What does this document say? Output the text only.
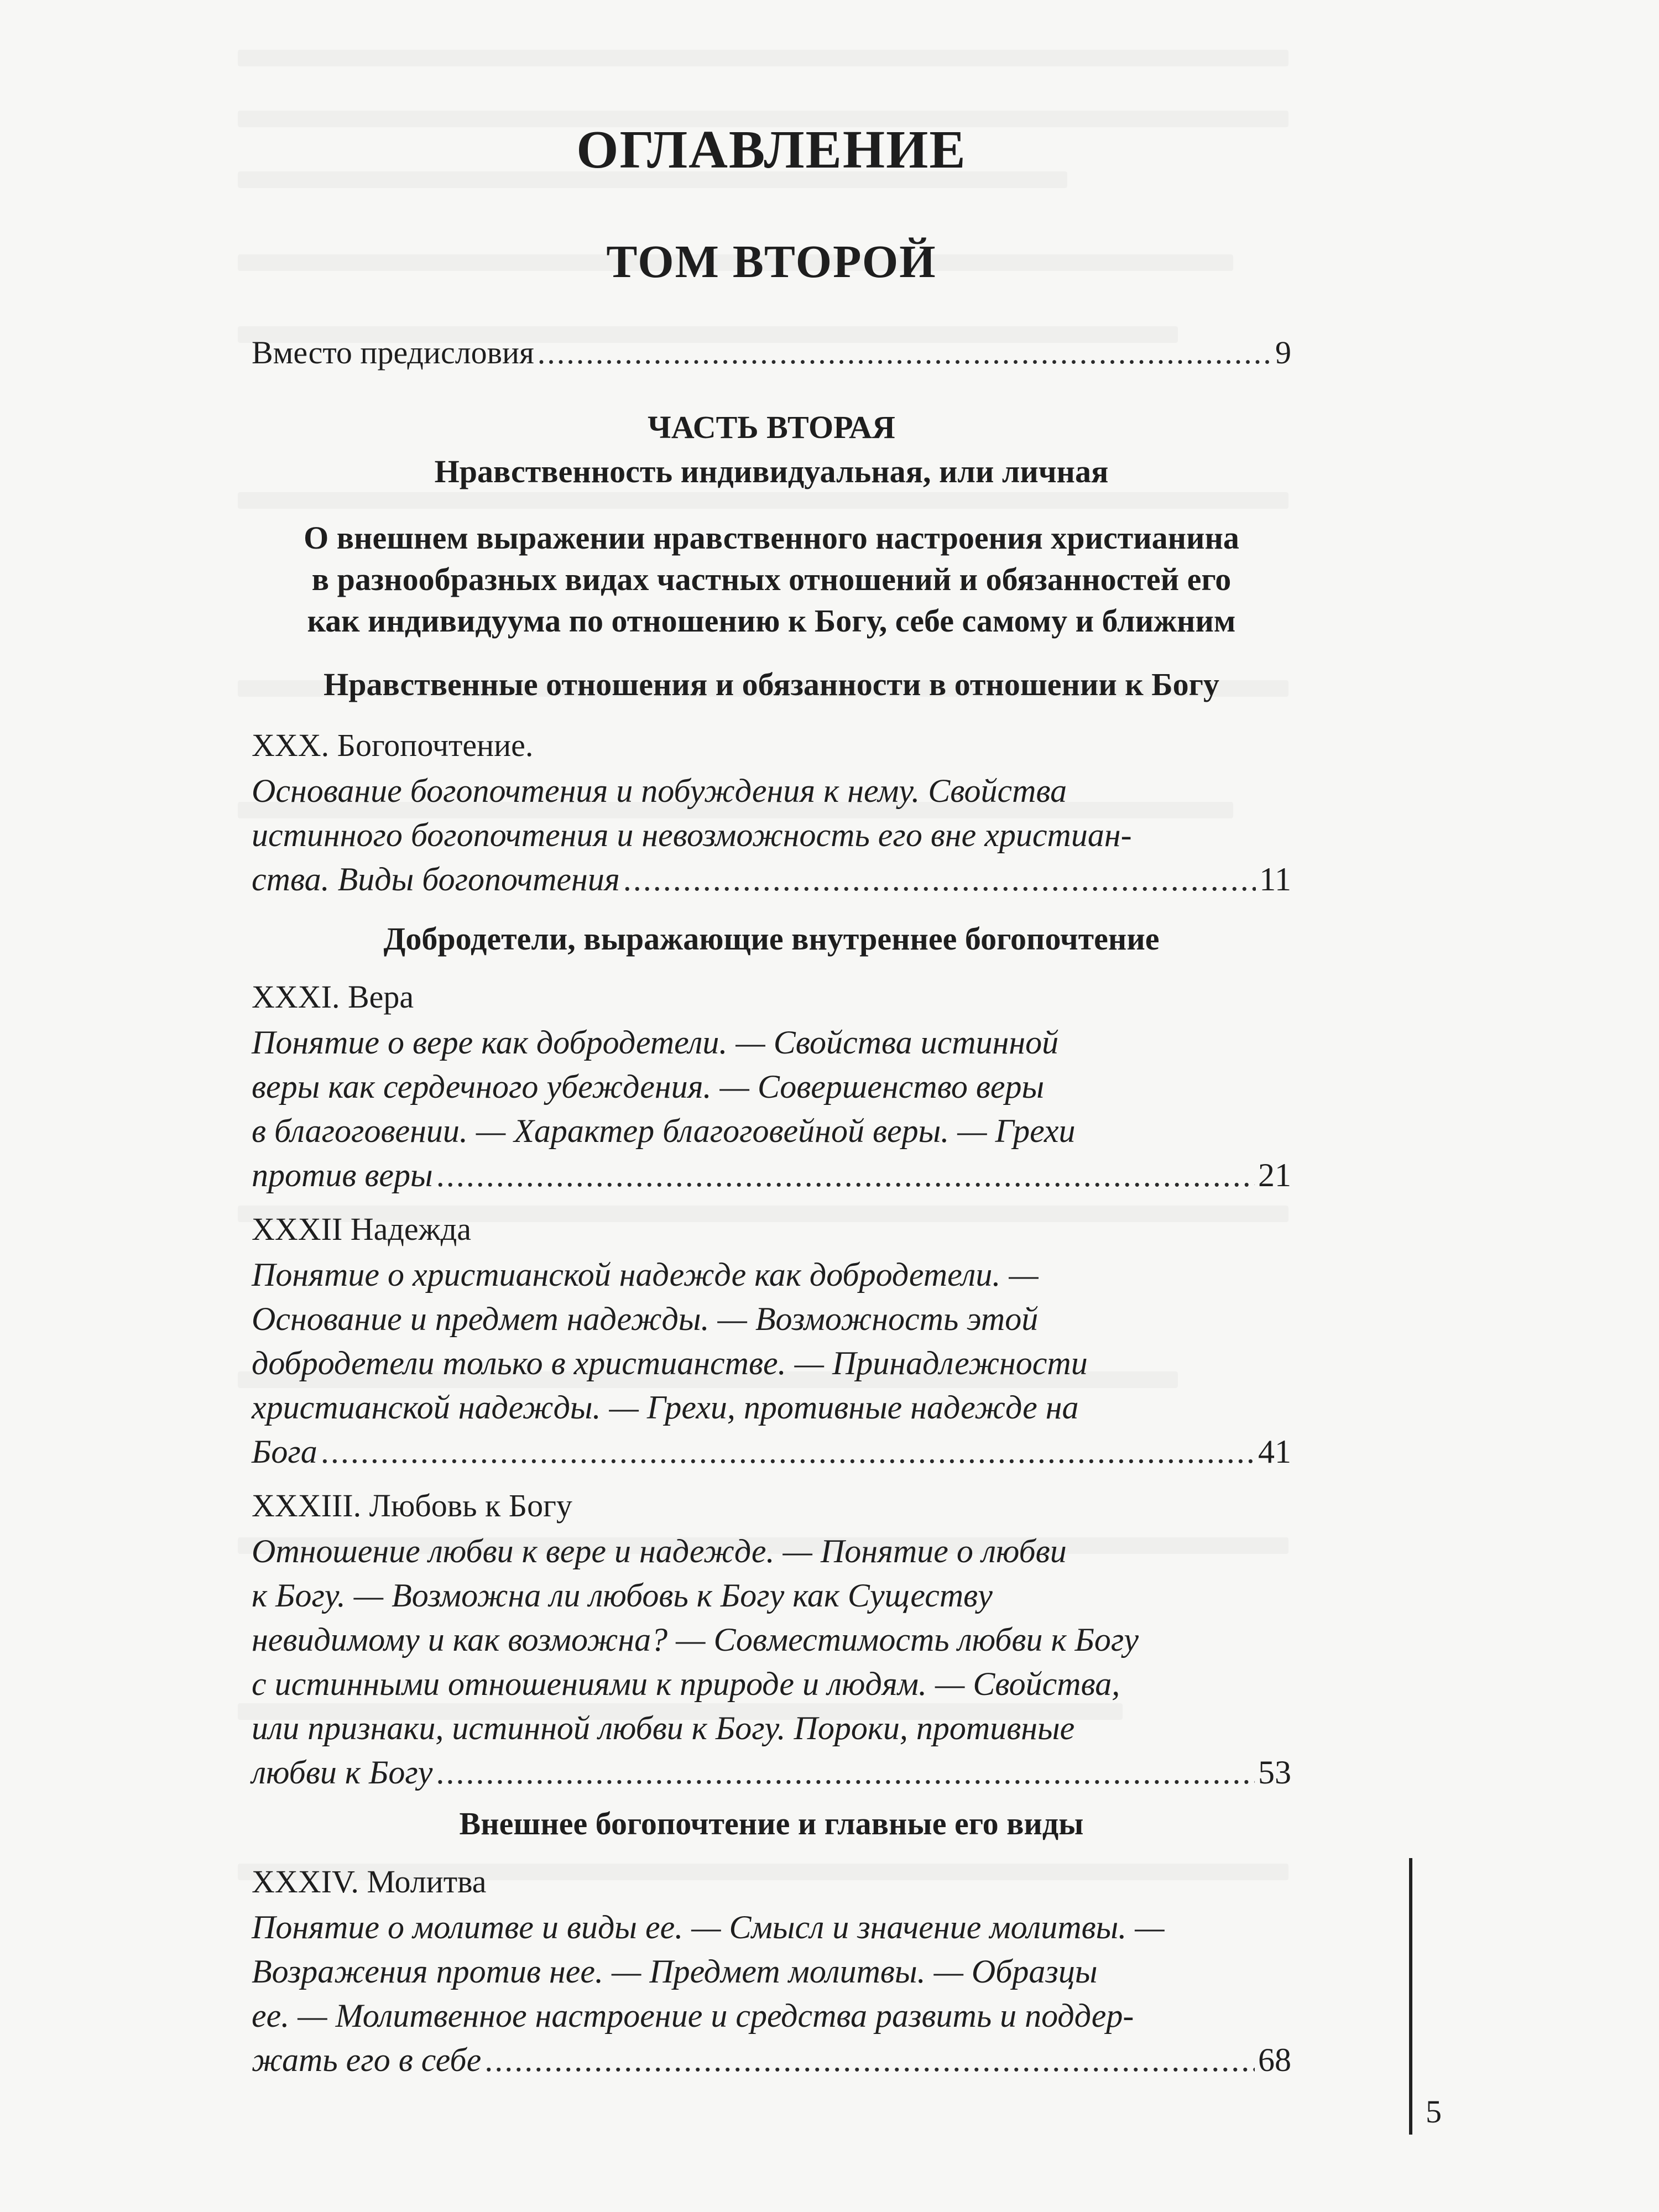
ОГЛАВЛЕНИЕ
ТОМ ВТОРОЙ
Вместо предисловия .....	9
ЧАСТЬ ВТОРАЯ
Нравственность индивидуальная, или личная
О внешнем выражении нравственного настроения христианина
в разнообразных видах частных отношений и обязанностей его
как индивидуума по отношению к Богу, себе самому и ближним
Нравственные отношения и обязанности в отношении к Богу
XXX. Богопочтение.
Основание богопочтения и побуждения к нему. Свойства
истинного богопочтения и невозможность его вне христиан-
ства. Виды богопочтения .....	11
Добродетели, выражающие внутреннее богопочтение
XXXI. Вера
Понятие о вере как добродетели. — Свойства истинной
веры как сердечного убеждения. — Совершенство веры
в благоговении. — Характер благоговейной веры. — Грехи
против веры .....	21
XXXII Надежда
Понятие о христианской надежде как добродетели. —
Основание и предмет надежды. — Возможность этой
добродетели только в христианстве. — Принадлежности
христианской надежды. — Грехи, противные надежде на
Бога .....	41
XXXIII. Любовь к Богу
Отношение любви к вере и надежде. — Понятие о любви
к Богу. — Возможна ли любовь к Богу как Существу
невидимому и как возможна? — Совместимость любви к Богу
с истинными отношениями к природе и людям. — Свойства,
или признаки, истинной любви к Богу. Пороки, противные
любви к Богу .....	53
Внешнее богопочтение и главные его виды
XXXIV. Молитва
Понятие о молитве и виды ее. — Смысл и значение молитвы. —
Возражения против нее. — Предмет молитвы. — Образцы
ее. — Молитвенное настроение и средства развить и поддер-
жать его в себе .....	68
5
